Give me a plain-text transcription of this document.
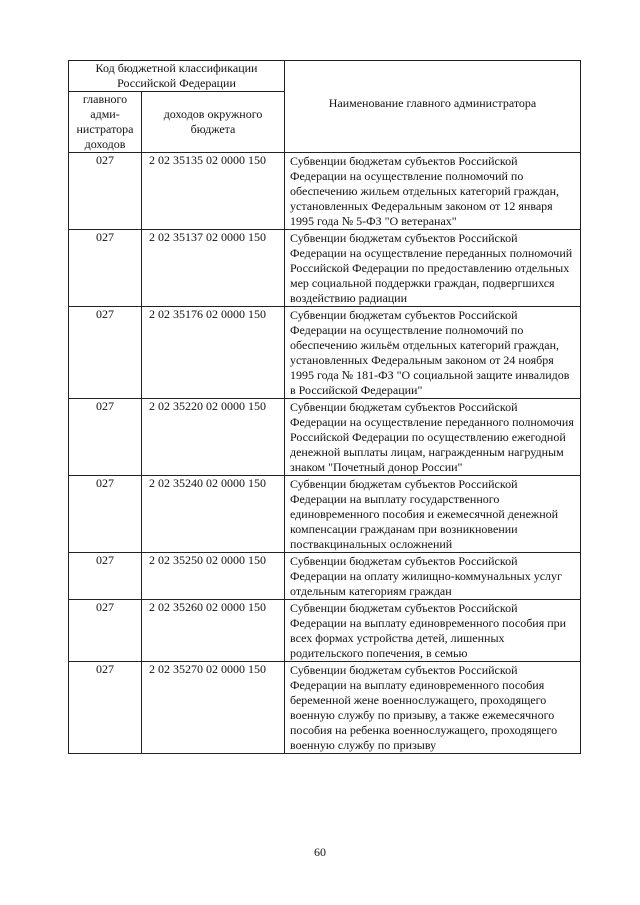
Код бюджетной классификации Российской Федерации		Наименование главного администратора
главного адми-нистратора доходов	доходов окружного бюджета	
027	2 02 35135 02 0000 150	Субвенции бюджетам субъектов Российской Федерации на осуществление полномочий по обеспечению жильем отдельных категорий граждан, установленных Федеральным законом от 12 января 1995 года № 5-ФЗ "О ветеранах"
027	2 02 35137 02 0000 150	Субвенции бюджетам субъектов Российской Федерации на осуществление переданных полномочий Российской Федерации по предоставлению отдельных мер социальной поддержки граждан, подвергшихся воздействию радиации
027	2 02 35176 02 0000 150	Субвенции бюджетам субъектов Российской Федерации на осуществление полномочий по обеспечению жильём отдельных категорий граждан, установленных Федеральным законом от 24 ноября 1995 года № 181-ФЗ "О социальной защите инвалидов в Российской Федерации"
027	2 02 35220 02 0000 150	Субвенции бюджетам субъектов Российской Федерации на осуществление переданного полномочия Российской Федерации по осуществлению ежегодной денежной выплаты лицам, награжденным нагрудным знаком "Почетный донор России"
027	2 02 35240 02 0000 150	Субвенции бюджетам субъектов Российской Федерации на выплату государственного единовременного пособия и ежемесячной денежной компенсации гражданам при возникновении поствакцинальных осложнений
027	2 02 35250 02 0000 150	Субвенции бюджетам субъектов Российской Федерации на оплату жилищно-коммунальных услуг отдельным категориям граждан
027	2 02 35260 02 0000 150	Субвенции бюджетам субъектов Российской Федерации на выплату единовременного пособия при всех формах устройства детей, лишенных родительского попечения, в семью
027	2 02 35270 02 0000 150	Субвенции бюджетам субъектов Российской Федерации на выплату единовременного пособия беременной жене военнослужащего, проходящего военную службу по призыву, а также ежемесячного пособия на ребенка военнослужащего, проходящего военную службу по призыву
60
